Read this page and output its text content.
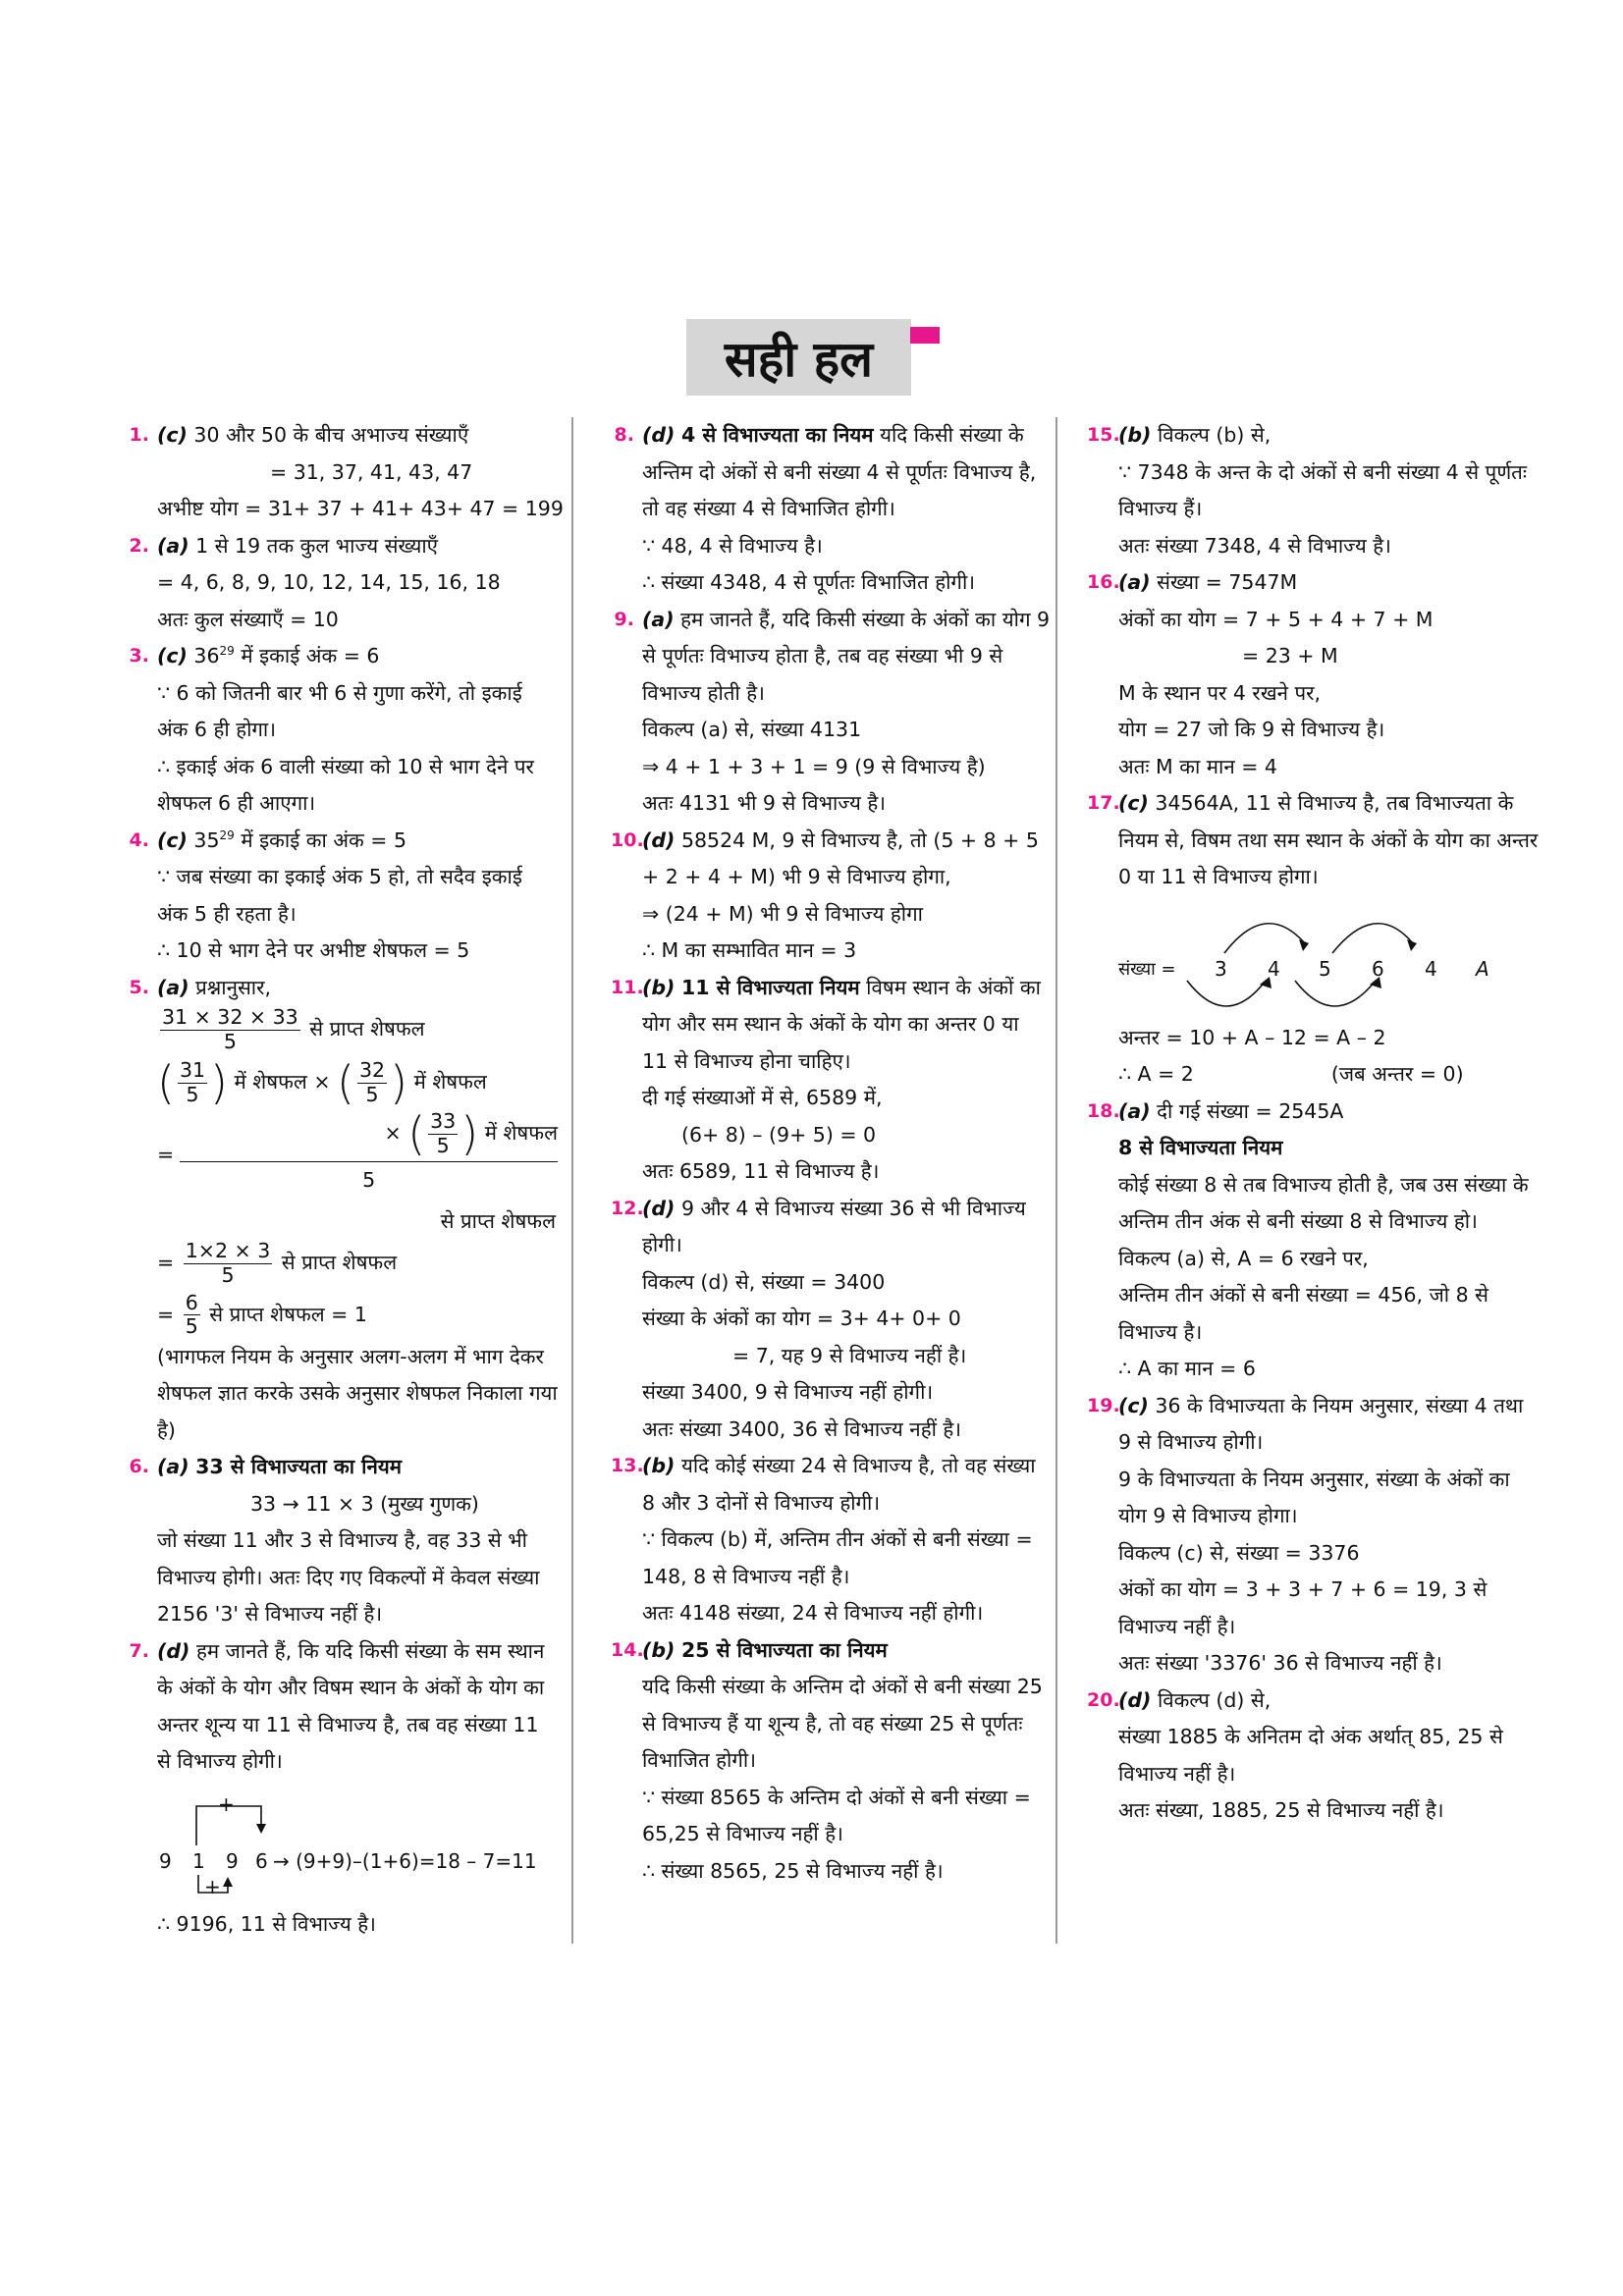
सही हल
1. (c) 30 और 50 के बीच अभाज्य संख्याएँ
= 31, 37, 41, 43, 47
अभीष्ट योग = 31+ 37 + 41+ 43+ 47 = 199
2. (a) 1 से 19 तक कुल भाज्य संख्याएँ
= 4, 6, 8, 9, 10, 12, 14, 15, 16, 18
अतः कुल संख्याएँ = 10
3. (c) $36^{29}$ में इकाई अंक = 6
∵ 6 को जितनी बार भी 6 से गुणा करेंगे, तो इकाई अंक 6 ही होगा।
∴ इकाई अंक 6 वाली संख्या को 10 से भाग देने पर शेषफल 6 ही आएगा।
4. (c) $35^{29}$ में इकाई का अंक = 5
∵ जब संख्या का इकाई अंक 5 हो, तो सदैव इकाई अंक 5 ही रहता है।
∴ 10 से भाग देने पर अभीष्ट शेषफल = 5
5. (a) प्रश्नानुसार,
$\frac{31 \times 32 \times 33}{5}$ से प्राप्त शेषफल
( $\frac{31}{5}$ ) में शेषफल × ( $\frac{32}{5}$ ) में शेषफल
=
× ( $\frac{33}{5}$ ) में शेषफल
5
से प्राप्त शेषफल
= $\frac{1\times 2 \times 3}{5}$ से प्राप्त शेषफल
= $\frac{6}{5}$ से प्राप्त शेषफल = 1
(भागफल नियम के अनुसार अलग-अलग में भाग देकर शेषफल ज्ञात करके उसके अनुसार शेषफल निकाला गया है)
6. (a) 33 से विभाज्यता का नियम
33 → 11 × 3 (मुख्य गुणक)
जो संख्या 11 और 3 से विभाज्य है, वह 33 से भी विभाज्य होगी। अतः दिए गए विकल्पों में केवल संख्या 2156 '3' से विभाज्य नहीं है।
7. (d) हम जानते हैं, कि यदि किसी संख्या के सम स्थान के अंकों के योग और विषम स्थान के अंकों के योग का अन्तर शून्य या 11 से विभाज्य है, तब वह संख्या 11 से विभाज्य होगी।
+
9 1 9 6 → (9+9)–(1+6)=18 – 7=11
+
∴ 9196, 11 से विभाज्य है।
8. (d) 4 से विभाज्यता का नियम यदि किसी संख्या के अन्तिम दो अंकों से बनी संख्या 4 से पूर्णतः विभाज्य है, तो वह संख्या 4 से विभाजित होगी।
∵ 48, 4 से विभाज्य है।
∴ संख्या 4348, 4 से पूर्णतः विभाजित होगी।
9. (a) हम जानते हैं, यदि किसी संख्या के अंकों का योग 9 से पूर्णतः विभाज्य होता है, तब वह संख्या भी 9 से विभाज्य होती है।
विकल्प (a) से, संख्या 4131
⇒ 4 + 1 + 3 + 1 = 9 (9 से विभाज्य है)
अतः 4131 भी 9 से विभाज्य है।
10.
(d) 58524 M, 9 से विभाज्य है, तो (5 + 8 + 5 + 2 + 4 + M) भी 9 से विभाज्य होगा,
⇒ (24 + M) भी 9 से विभाज्य होगा
∴ M का सम्भावित मान = 3
11.
(b) 11 से विभाज्यता नियम विषम स्थान के अंकों का योग और सम स्थान के अंकों के योग का अन्तर 0 या 11 से विभाज्य होना चाहिए।
दी गई संख्याओं में से, 6589 में,
(6+ 8) – (9+ 5) = 0
अतः 6589, 11 से विभाज्य है।
12.
(d) 9 और 4 से विभाज्य संख्या 36 से भी विभाज्य होगी।
विकल्प (d) से, संख्या = 3400
संख्या के अंकों का योग = 3+ 4+ 0+ 0
= 7, यह 9 से विभाज्य नहीं है।
संख्या 3400, 9 से विभाज्य नहीं होगी।
अतः संख्या 3400, 36 से विभाज्य नहीं है।
13.
(b) यदि कोई संख्या 24 से विभाज्य है, तो वह संख्या 8 और 3 दोनों से विभाज्य होगी।
∵ विकल्प (b) में, अन्तिम तीन अंकों से बनी संख्या = 148, 8 से विभाज्य नहीं है।
अतः 4148 संख्या, 24 से विभाज्य नहीं होगी।
14.
(b) 25 से विभाज्यता का नियम
यदि किसी संख्या के अन्तिम दो अंकों से बनी संख्या 25 से विभाज्य हैं या शून्य है, तो वह संख्या 25 से पूर्णतः विभाजित होगी।
∵ संख्या 8565 के अन्तिम दो अंकों से बनी संख्या = 65,25 से विभाज्य नहीं है।
∴ संख्या 8565, 25 से विभाज्य नहीं है।
15.
(b) विकल्प (b) से,
∵ 7348 के अन्त के दो अंकों से बनी संख्या 4 से पूर्णतः विभाज्य हैं।
अतः संख्या 7348, 4 से विभाज्य है।
16.
(a) संख्या = 7547M
अंकों का योग = 7 + 5 + 4 + 7 + M
= 23 + M
M के स्थान पर 4 रखने पर,
योग = 27 जो कि 9 से विभाज्य है।
अतः M का मान = 4
17.
(c) 34564A, 11 से विभाज्य है, तब विभाज्यता के नियम से, विषम तथा सम स्थान के अंकों के योग का अन्तर 0 या 11 से विभाज्य होगा।
संख्या = 3 4 5 6 4 A
अन्तर = 10 + A – 12 = A – 2
∴ A = 2	(जब अन्तर = 0)
18.
(a) दी गई संख्या = 2545A
8 से विभाज्यता नियम
कोई संख्या 8 से तब विभाज्य होती है, जब उस संख्या के अन्तिम तीन अंक से बनी संख्या 8 से विभाज्य हो।
विकल्प (a) से, A = 6 रखने पर,
अन्तिम तीन अंकों से बनी संख्या = 456, जो 8 से विभाज्य है।
∴ A का मान = 6
19.
(c) 36 के विभाज्यता के नियम अनुसार, संख्या 4 तथा 9 से विभाज्य होगी।
9 के विभाज्यता के नियम अनुसार, संख्या के अंकों का योग 9 से विभाज्य होगा।
विकल्प (c) से, संख्या = 3376
अंकों का योग = 3 + 3 + 7 + 6 = 19, 3 से विभाज्य नहीं है।
अतः संख्या '3376' 36 से विभाज्य नहीं है।
20.
(d) विकल्प (d) से,
संख्या 1885 के अनितम दो अंक अर्थात् 85, 25 से विभाज्य नहीं है।
अतः संख्या, 1885, 25 से विभाज्य नहीं है।
